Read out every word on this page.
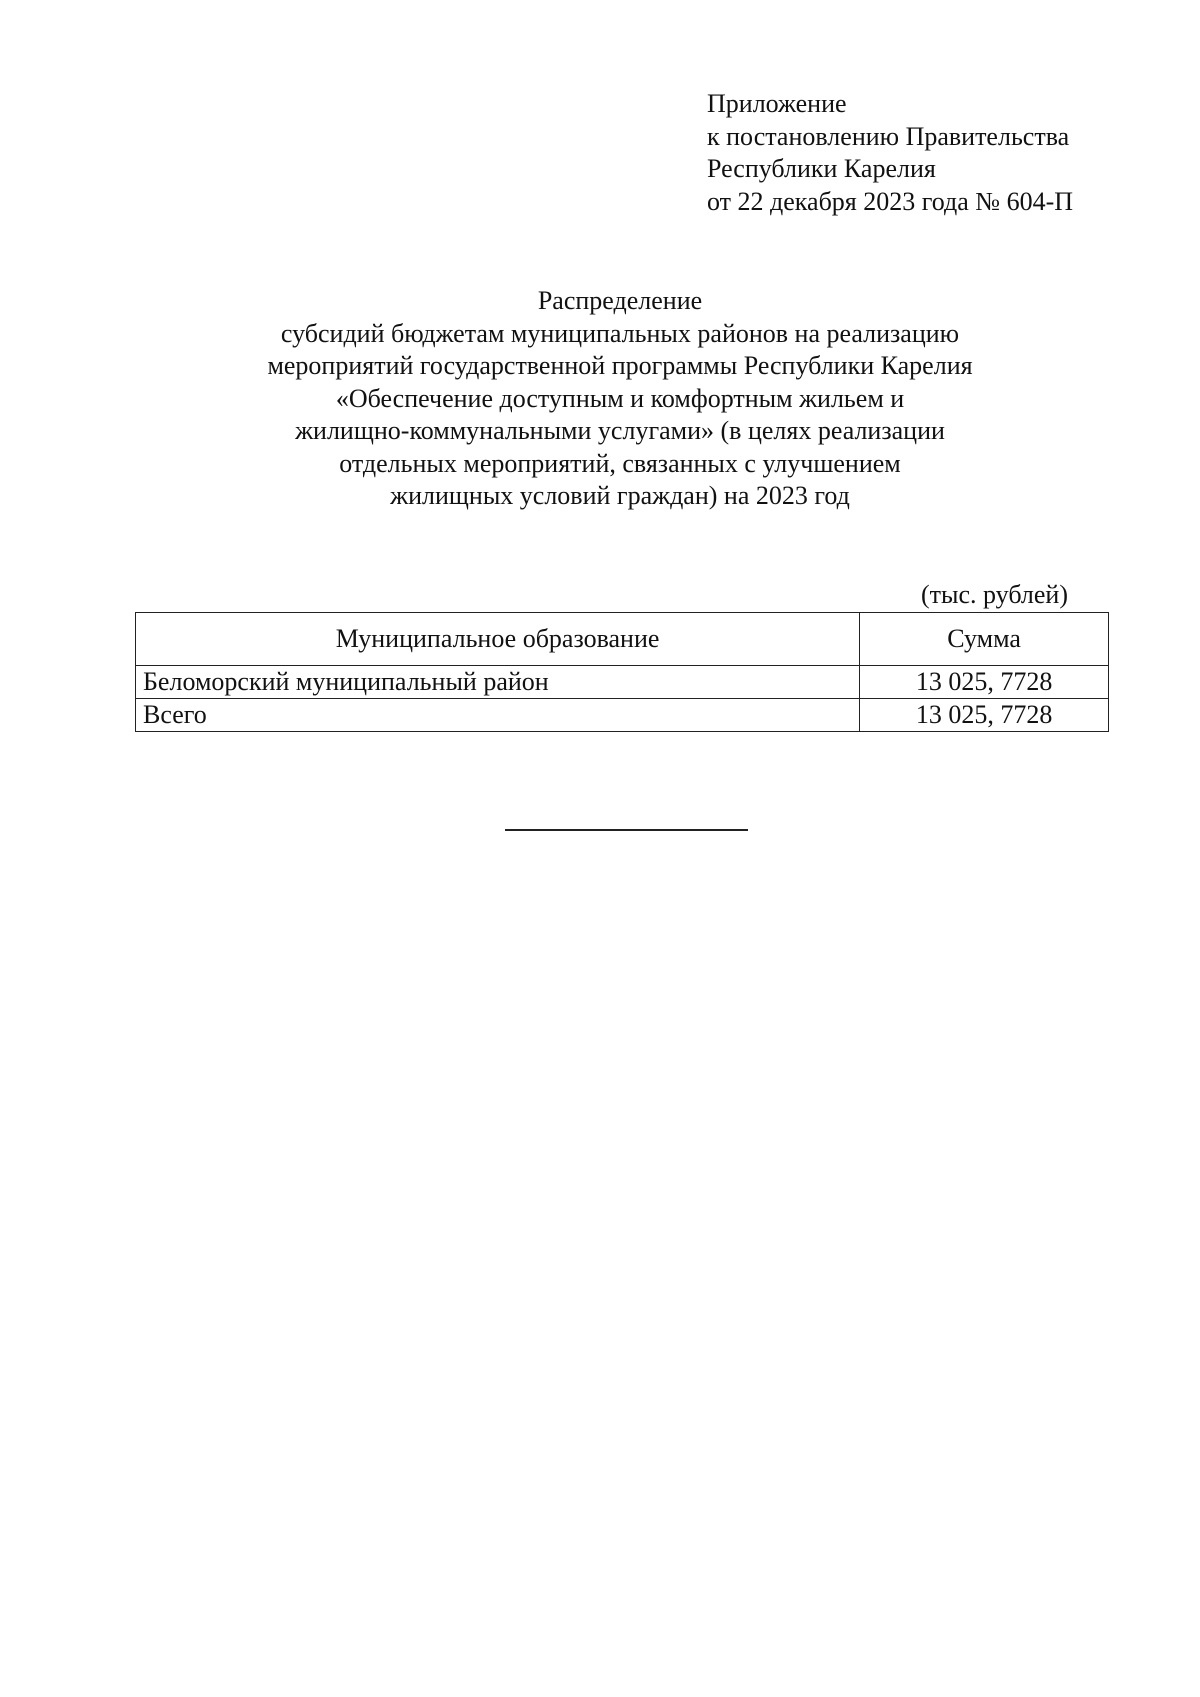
Приложение
к постановлению Правительства
Республики Карелия
от 22 декабря 2023 года № 604-П
Распределение
субсидий бюджетам муниципальных районов на реализацию
мероприятий государственной программы Республики Карелия
«Обеспечение доступным и комфортным жильем и
жилищно-коммунальными услугами» (в целях реализации
отдельных мероприятий, связанных с улучшением
жилищных условий граждан) на 2023 год
(тыс. рублей)
Муниципальное образование	Сумма
Беломорский муниципальный район	13 025, 7728
Всего	13 025, 7728
